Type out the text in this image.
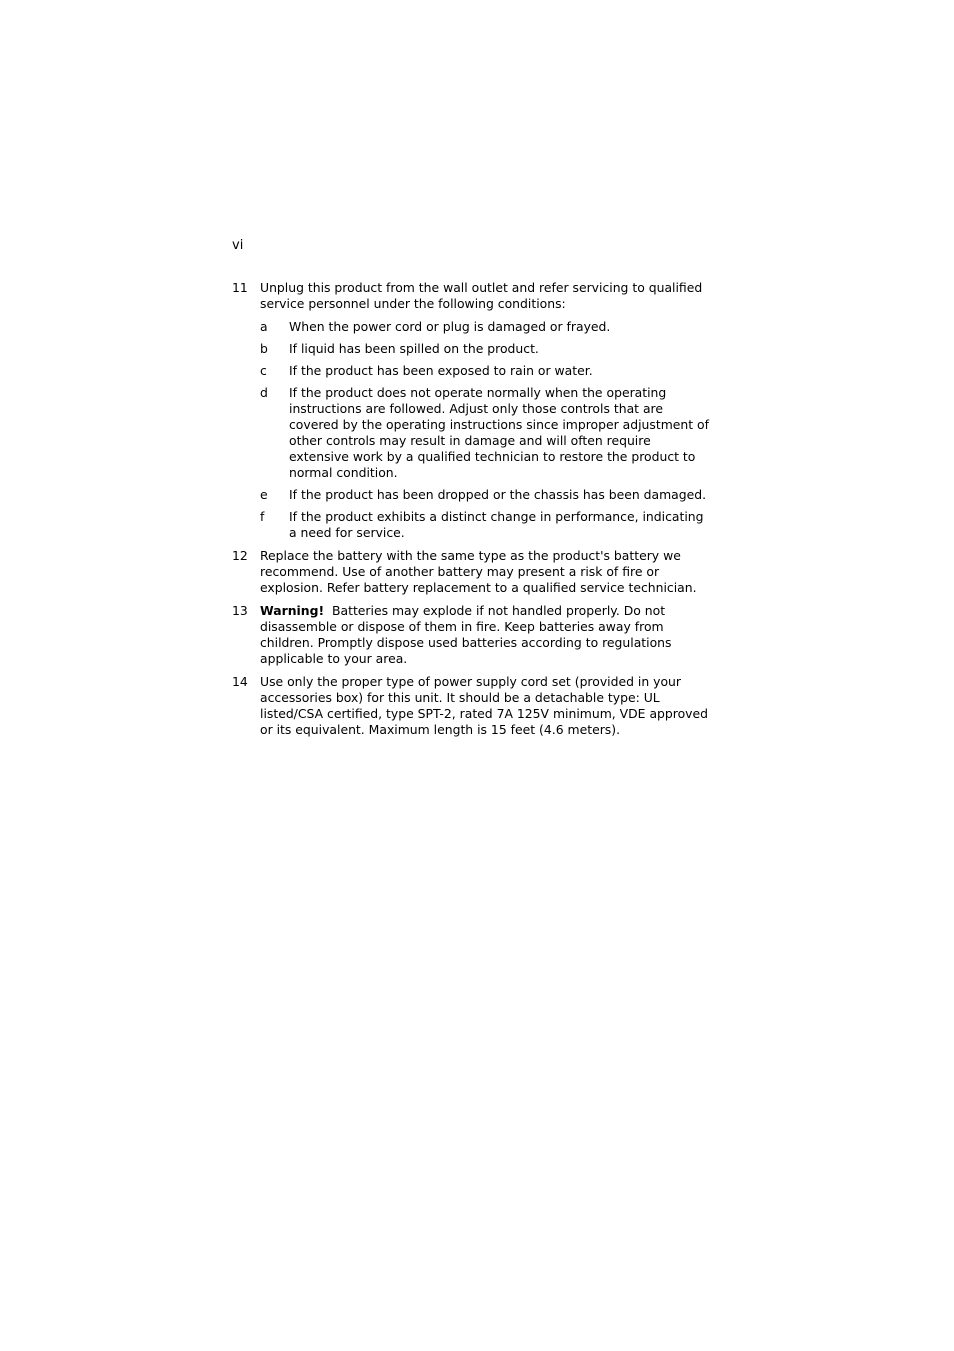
vi
11 Unplug this product from the wall outlet and refer servicing to qualified service personnel under the following conditions:
a When the power cord or plug is damaged or frayed.
b If liquid has been spilled on the product.
c If the product has been exposed to rain or water.
d If the product does not operate normally when the operating instructions are followed. Adjust only those controls that are covered by the operating instructions since improper adjustment of other controls may result in damage and will often require extensive work by a qualified technician to restore the product to normal condition.
e If the product has been dropped or the chassis has been damaged.
f If the product exhibits a distinct change in performance, indicating a need for service.
12 Replace the battery with the same type as the product's battery we recommend. Use of another battery may present a risk of fire or explosion. Refer battery replacement to a qualified service technician.
13 Warning! Batteries may explode if not handled properly. Do not disassemble or dispose of them in fire. Keep batteries away from children. Promptly dispose used batteries according to regulations applicable to your area.
14 Use only the proper type of power supply cord set (provided in your accessories box) for this unit. It should be a detachable type: UL listed/CSA certified, type SPT-2, rated 7A 125V minimum, VDE approved or its equivalent. Maximum length is 15 feet (4.6 meters).
